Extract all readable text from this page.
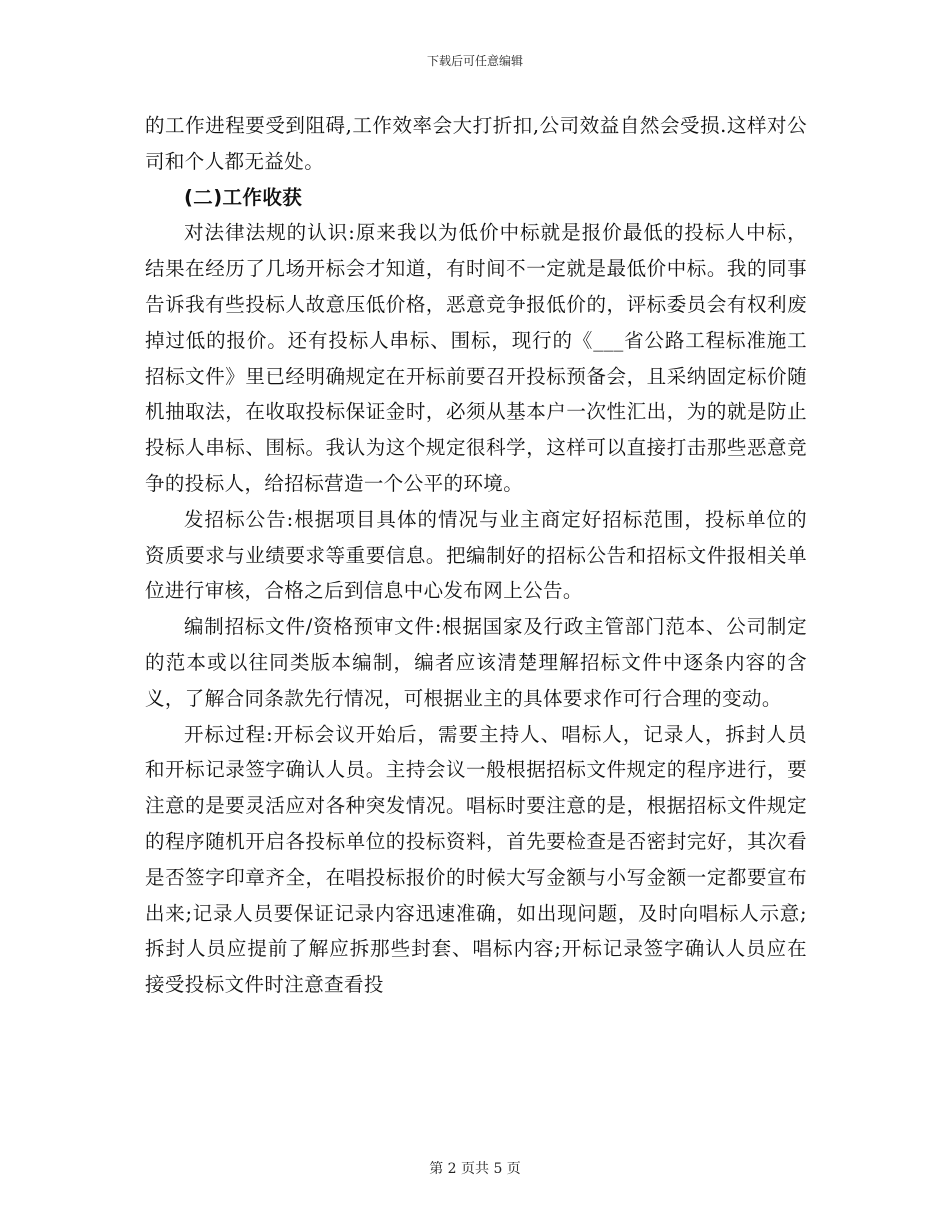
下载后可任意编辑

的工作进程要受到阻碍,工作效率会大打折扣,公司效益自然会受损.这样对公司和个人都无益处。

(二)工作收获

对法律法规的认识:原来我以为低价中标就是报价最低的投标人中标，结果在经历了几场开标会才知道，有时间不一定就是最低价中标。我的同事告诉我有些投标人故意压低价格，恶意竞争报低价的，评标委员会有权利废掉过低的报价。还有投标人串标、围标，现行的《___省公路工程标准施工招标文件》里已经明确规定在开标前要召开投标预备会，且采纳固定标价随机抽取法，在收取投标保证金时，必须从基本户一次性汇出，为的就是防止投标人串标、围标。我认为这个规定很科学，这样可以直接打击那些恶意竞争的投标人，给招标营造一个公平的环境。

发招标公告:根据项目具体的情况与业主商定好招标范围，投标单位的资质要求与业绩要求等重要信息。把编制好的招标公告和招标文件报相关单位进行审核，合格之后到信息中心发布网上公告。

编制招标文件/资格预审文件:根据国家及行政主管部门范本、公司制定的范本或以往同类版本编制，编者应该清楚理解招标文件中逐条内容的含义，了解合同条款先行情况，可根据业主的具体要求作可行合理的变动。

开标过程:开标会议开始后，需要主持人、唱标人，记录人，拆封人员和开标记录签字确认人员。主持会议一般根据招标文件规定的程序进行，要注意的是要灵活应对各种突发情况。唱标时要注意的是，根据招标文件规定的程序随机开启各投标单位的投标资料，首先要检查是否密封完好，其次看是否签字印章齐全，在唱投标报价的时候大写金额与小写金额一定都要宣布出来;记录人员要保证记录内容迅速准确，如出现问题，及时向唱标人示意;拆封人员应提前了解应拆那些封套、唱标内容;开标记录签字确认人员应在接受投标文件时注意查看投

第 2 页共 5 页
